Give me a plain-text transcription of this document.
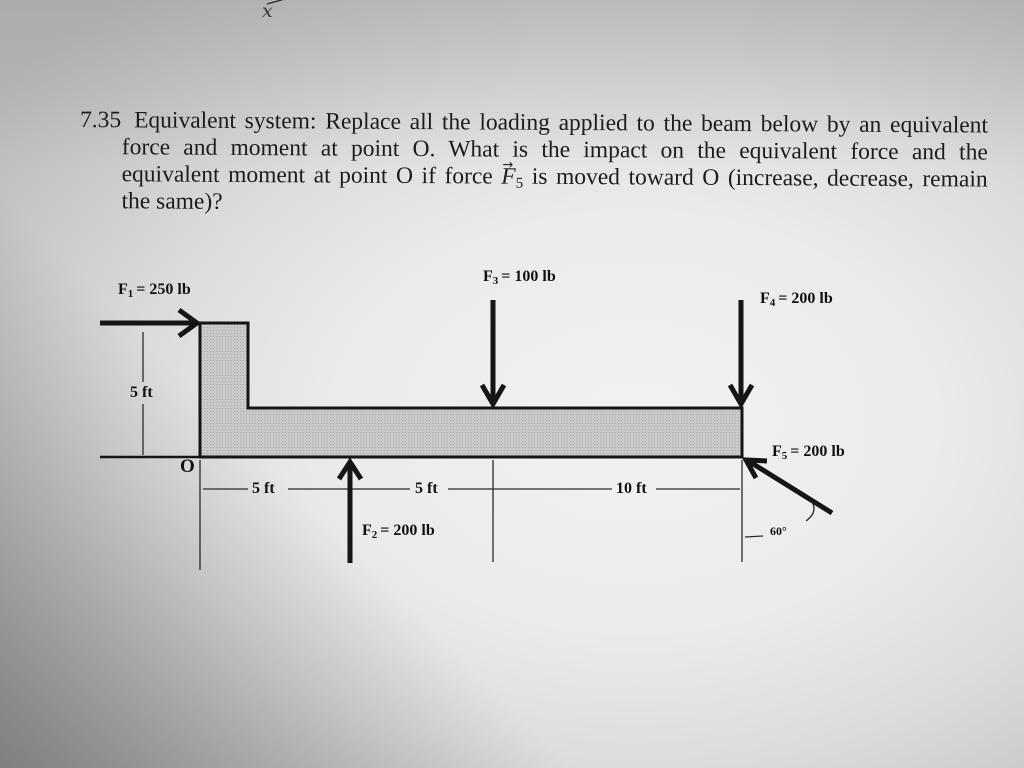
x
7.35 Equivalent system: Replace all the loading applied to the beam below by an equivalent
force and moment at point O. What is the impact on the equivalent force and the
equivalent moment at point O if force $F \to_5$ is moved toward O (increase, decrease, remain
the same)?
$F_1 = 250$ lb
$F_2 = 200$ lb
$F_3 = 100$ lb
$F_4 = 200$ lb
$F_5 = 200$ lb
5 ft
5 ft	5 ft	10 ft
O
60°
